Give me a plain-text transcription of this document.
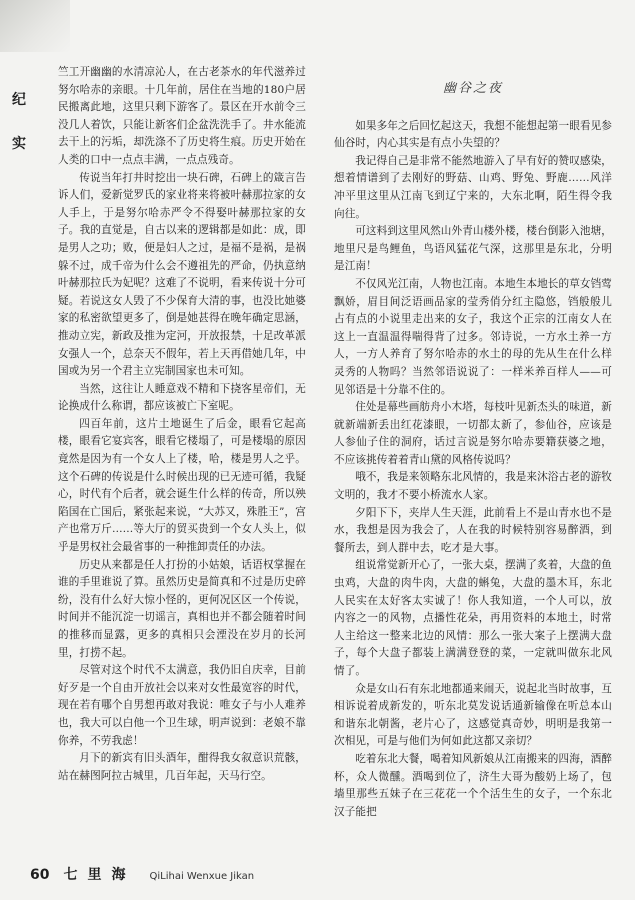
纪
实

竺工开幽幽的水清凉沁人，在古老茶水的年代滋养过努尔哈赤的亲眼。十几年前，居住在当地的180户居民搬离此地，这里只剩下游客了。景区在开水前令三没几人着饮，只能让新客们企盆洗洗手了。井水能流去干上的污垢，却洗涤不了历史将生痕。历史开始在人类的口中一点点丰满，一点点残奇。

传说当年打井时挖出一块石碑，石碑上的箴言告诉人们，爱新觉罗氏的家业将来将被叶赫那拉家的女人手上，于是努尔哈赤严令不得娶叶赫那拉家的女子。我的直觉是，自古以来的逻辑都是如此：成，即是男人之功；败，便是妇人之过，是福不是祸，是祸躲不过，成千帝为什么会不遵祖先的严命，仍执意纳叶赫那拉氏为妃呢？这难了不说明，看来传说十分可疑。若说这女人毁了不少保育大清的事，也没比她婆家的私密欲望更多了，倒是她甚得在晚年确定思涵，推动立宪，新政及推为定河，开放报禁，十足改革派女强人一个，总奈天不假年，若上天再借她几年，中国或为另一个君主立宪制国家也未可知。

当然，这往让人睡意戏不精和下挠客星帝们，无论换成什么称谓，都应该被亡下室呢。

四百年前，这片土地诞生了后金，眼看它起高楼，眼看它宴宾客，眼看它楼塌了，可是楼塌的原因竟然是因为有一个女人上了楼，哈，楼是男人之乎。这个石碑的传说是什么时候出现的已无迹可循，我疑心，时代有个后者，就会诞生什么样的传奇，所以殃陷国在亡国后，紧张起来说，“大苏又，殊胜王”，宫产也常万斤……等大厅的贸买贵到一个女人头上，似乎是男权社会最省事的一种推卸责任的办法。

历史从来都是任人打扮的小姑娘，话语权掌握在谁的手里谁说了算。虽然历史是简真和不过是历史碎纷，没有什么好大惊小怪的，更何况区区一个传说，时间并不能沉淀一切谣言，真相也并不都会随着时间的推移而显露，更多的真相只会湮没在岁月的长河里，打捞不起。

尽管对这个时代不太满意，我仍旧自庆幸，目前好歹是一个自由开放社会以来对女性最宽容的时代，现在若有哪个自男想再敢对我说：唯女子与小人难养也，我大可以白他一个卫生球，明声说到：老娘不靠你养，不劳我虑！

月下的新宾有旧头酒年，酣得我女叙意识荒骸，站在赫图阿拉古城里，几百年起，天马行空。

幽谷之夜

如果多年之后回忆起这天，我想不能想起第一眼看见参仙谷时，内心其实是有点小失望的？

我记得自己是非常不能然地游入了早有好的赞叹感染，想着情谱到了去刚好的野菇、山鸡、野兔、野鹿……风洋冲平里这里从江南飞到辽宁来的，大东北啊，陌生得令我向往。

可这料到这里风然山外青山楼外楼，楼台倒影入池塘，地里尺是鸟鲤鱼，鸟语风猛花气深，这那里是东北，分明是江南！

不仅风光江南，人物也江南。本地生本地长的草女铛莺飘娇，眉目间泛语画品家的莹秀俏分红主隐悠，铛般般儿占有点的小说里走出来的女子，我这个正宗的江南女人在这上一直温温得喘得背了过多。邻诗说，一方水土养一方人，一方人养育了努尔哈赤的水土的母的先从生在什么样灵秀的人物吗？当然邻语说说了：一样米养百样人——可见邻语是十分靠不住的。

住处是幕些画舫舟小木塔，每枝叶见新杰头的味道，新就新端新丢出红花漆眼，一切都太新了，参仙谷，应该是人参仙子住的洞府，话过言说是努尔哈赤要籍获婆之地，不应该挑传着着青山黛的风格传说吗？

哦不，我是来领略东北风情的，我是来沐浴古老的游牧文明的，我才不要小桥流水人家。

夕阳下下，夹岸人生天涯，此前看上不是山青水也不是水，我想是因为我会了，人在我的时候特别容易醉酒，到餐所去，到人群中去，吃才是大事。

组说常觉新开心了，一张大桌，摆满了炙着，大盘的鱼虫鸡，大盘的肉牛肉，大盘的蝌兔，大盘的墨木耳，东北人民实在太好客太实诚了！你人我知道，一个人可以，放内容之一的风物，点播性花朵，再用资料的本地土，时常人主给这一整来北边的风情：那么一张大案子上摆满大盘子，每个大盘子都装上满满登登的菜，一定就叫做东北风情了。

众是女山石有东北地都通来闹天，说起北当时故事，互相诉说着成新发的，听东北莫发说话通新输像在听总本山和谐东北朝酱，老片心了，这感觉真奇妙，明明是我第一次相见，可是与他们为何如此这都又亲切？

吃着东北大餐，喝着知风新娘从江南搬来的四海，酒醉杯，众人微醺。酒喝到位了，济生大哥为酸奶上场了，包墙里那些五妹子在三花花一个个活生生的女子，一个东北汉子能把

60 七里海 QiLihai Wenxue Jikan
